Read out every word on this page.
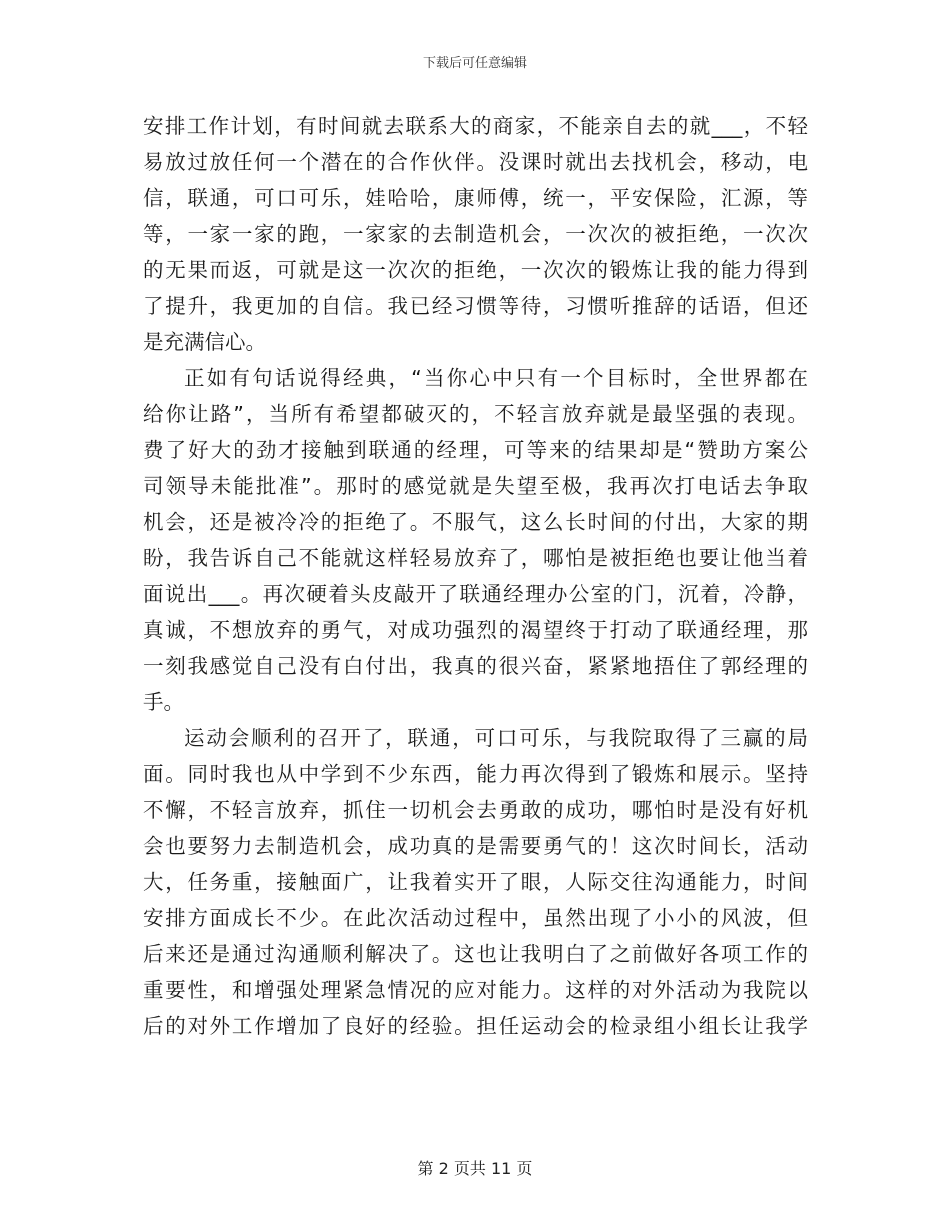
下载后可任意编辑
安排工作计划，有时间就去联系大的商家，不能亲自去的就___，不轻
易放过放任何一个潜在的合作伙伴。没课时就出去找机会，移动，电
信，联通，可口可乐，娃哈哈，康师傅，统一，平安保险，汇源，等
等，一家一家的跑，一家家的去制造机会，一次次的被拒绝，一次次
的无果而返，可就是这一次次的拒绝，一次次的锻炼让我的能力得到
了提升，我更加的自信。我已经习惯等待，习惯听推辞的话语，但还
是充满信心。
正如有句话说得经典，“当你心中只有一个目标时，全世界都在
给你让路”，当所有希望都破灭的，不轻言放弃就是最坚强的表现。
费了好大的劲才接触到联通的经理，可等来的结果却是“赞助方案公
司领导未能批准”。那时的感觉就是失望至极，我再次打电话去争取
机会，还是被冷冷的拒绝了。不服气，这么长时间的付出，大家的期
盼，我告诉自己不能就这样轻易放弃了，哪怕是被拒绝也要让他当着
面说出___。再次硬着头皮敲开了联通经理办公室的门，沉着，冷静，
真诚，不想放弃的勇气，对成功强烈的渴望终于打动了联通经理，那
一刻我感觉自己没有白付出，我真的很兴奋，紧紧地捂住了郭经理的
手。
运动会顺利的召开了，联通，可口可乐，与我院取得了三赢的局
面。同时我也从中学到不少东西，能力再次得到了锻炼和展示。坚持
不懈，不轻言放弃，抓住一切机会去勇敢的成功，哪怕时是没有好机
会也要努力去制造机会，成功真的是需要勇气的！这次时间长，活动
大，任务重，接触面广，让我着实开了眼，人际交往沟通能力，时间
安排方面成长不少。在此次活动过程中，虽然出现了小小的风波，但
后来还是通过沟通顺利解决了。这也让我明白了之前做好各项工作的
重要性，和增强处理紧急情况的应对能力。这样的对外活动为我院以
后的对外工作增加了良好的经验。担任运动会的检录组小组长让我学
第 2 页共 11 页
